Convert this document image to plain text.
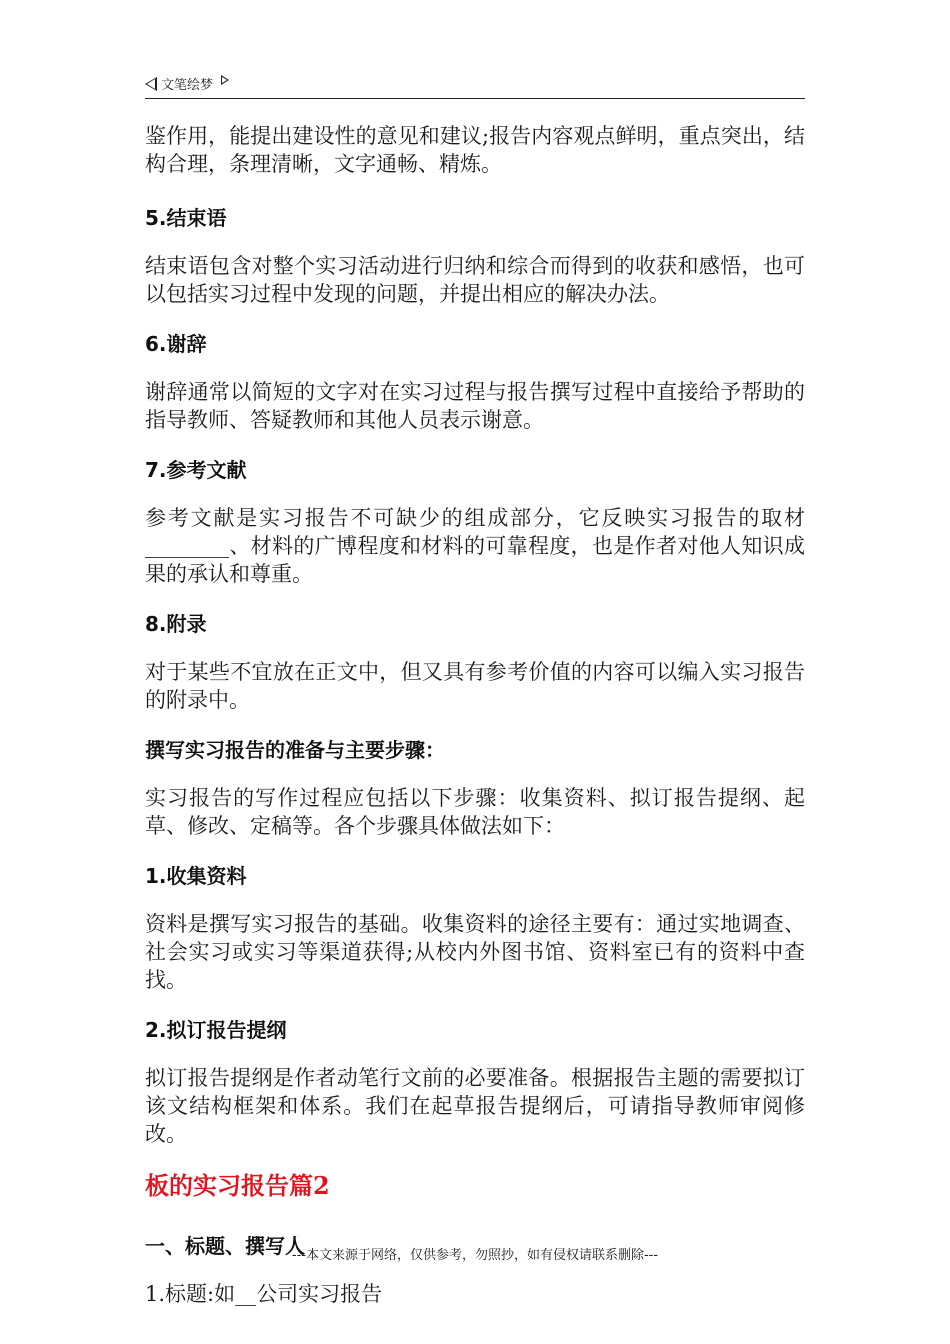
文笔绘梦

鉴作用，能提出建设性的意见和建议;报告内容观点鲜明，重点突出，结构合理，条理清晰，文字通畅、精炼。

5.结束语

结束语包含对整个实习活动进行归纳和综合而得到的收获和感悟，也可以包括实习过程中发现的问题，并提出相应的解决办法。

6.谢辞

谢辞通常以简短的文字对在实习过程与报告撰写过程中直接给予帮助的指导教师、答疑教师和其他人员表示谢意。

7.参考文献

参考文献是实习报告不可缺少的组成部分，它反映实习报告的取材________、材料的广博程度和材料的可靠程度，也是作者对他人知识成果的承认和尊重。

8.附录

对于某些不宜放在正文中，但又具有参考价值的内容可以编入实习报告的附录中。

撰写实习报告的准备与主要步骤：

实习报告的写作过程应包括以下步骤：收集资料、拟订报告提纲、起草、修改、定稿等。各个步骤具体做法如下：

1.收集资料

资料是撰写实习报告的基础。收集资料的途径主要有：通过实地调查、社会实习或实习等渠道获得;从校内外图书馆、资料室已有的资料中查找。

2.拟订报告提纲

拟订报告提纲是作者动笔行文前的必要准备。根据报告主题的需要拟订该文结构框架和体系。我们在起草报告提纲后，可请指导教师审阅修改。

板的实习报告篇2
一、标题、撰写人

1.标题:如__公司实习报告

---本文来源于网络，仅供参考，勿照抄，如有侵权请联系删除---
